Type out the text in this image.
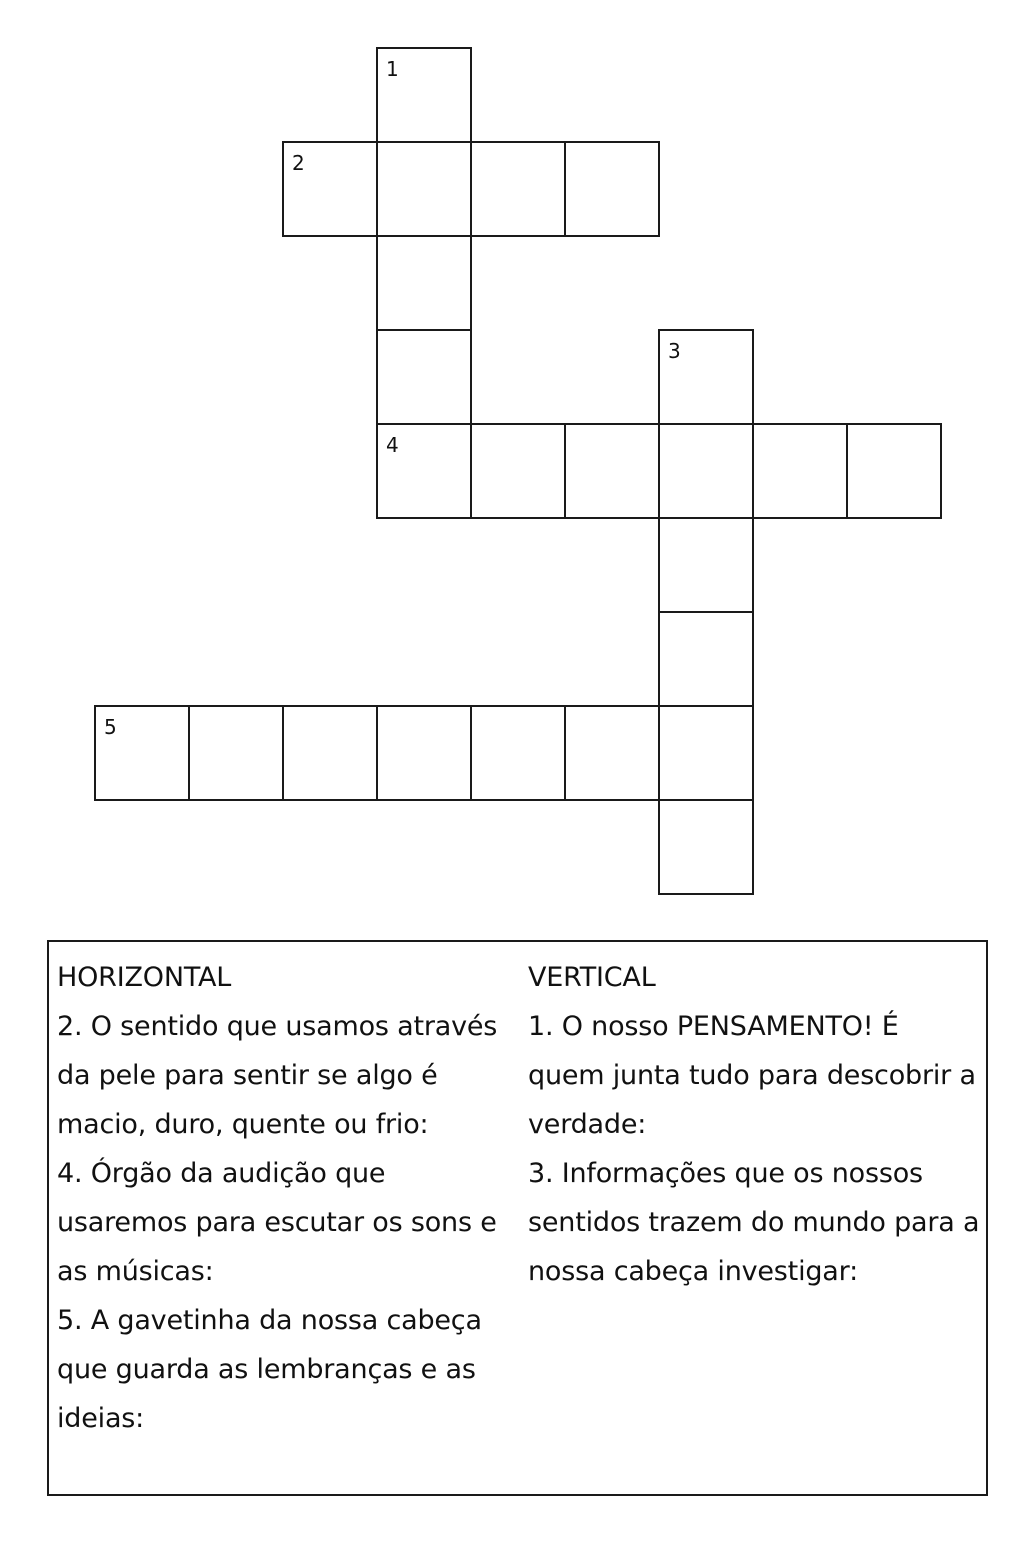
1
2
4
3
5

HORIZONTAL

2. O sentido que usamos através da pele para sentir se algo é macio, duro, quente ou frio:

4. Órgão da audição que usaremos para escutar os sons e as músicas:

5. A gavetinha da nossa cabeça que guarda as lembranças e as ideias:

VERTICAL

1. O nosso PENSAMENTO! É quem junta tudo para descobrir a verdade:

3. Informações que os nossos sentidos trazem do mundo para a nossa cabeça investigar:
